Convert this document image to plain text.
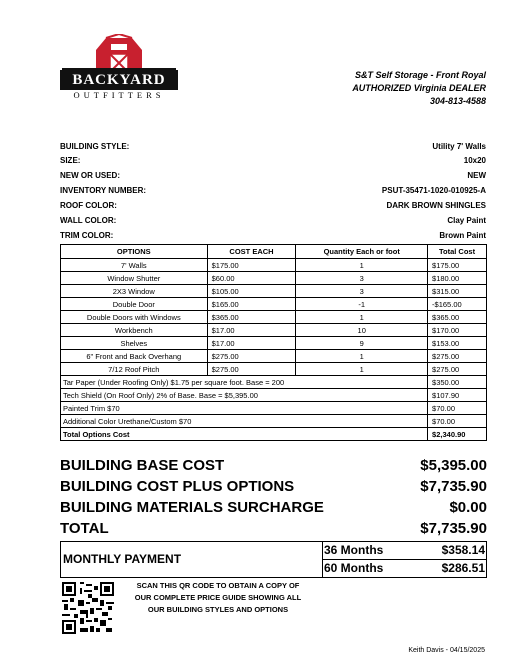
BACKYARD
OUTFITTERS
S&T Self Storage - Front Royal
AUTHORIZED Virginia DEALER
304-813-4588
BUILDING STYLE:	Utility 7' Walls
SIZE:	10x20
NEW OR USED:	NEW
INVENTORY NUMBER:	PSUT-35471-1020-010925-A
ROOF COLOR:	DARK BROWN SHINGLES
WALL COLOR:	Clay Paint
TRIM COLOR:	Brown Paint
OPTIONS	COST EACH	Quantity Each or foot	Total Cost
7' Walls	$175.00	1	$175.00
Window Shutter	$60.00	3	$180.00
2X3 Window	$105.00	3	$315.00
Double Door	$165.00	-1	-$165.00
Double Doors with Windows	$365.00	1	$365.00
Workbench	$17.00	10	$170.00
Shelves	$17.00	9	$153.00
6" Front and Back Overhang	$275.00	1	$275.00
7/12 Roof Pitch	$275.00	1	$275.00
Tar Paper (Under Roofing Only) $1.75 per square foot. Base = 200			$350.00
Tech Shield (On Roof Only) 2% of Base. Base = $5,395.00			$107.90
Painted Trim $70			$70.00
Additional Color Urethane/Custom $70			$70.00
Total Options Cost			$2,340.90
BUILDING BASE COST	$5,395.00
BUILDING COST PLUS OPTIONS	$7,735.90
BUILDING MATERIALS SURCHARGE	$0.00
TOTAL	$7,735.90
MONTHLY PAYMENT
36 Months	$358.14
60 Months	$286.51
SCAN THIS QR CODE TO OBTAIN A COPY OF
OUR COMPLETE PRICE GUIDE SHOWING ALL
OUR BUILDING STYLES AND OPTIONS
Keith Davis - 04/15/2025
